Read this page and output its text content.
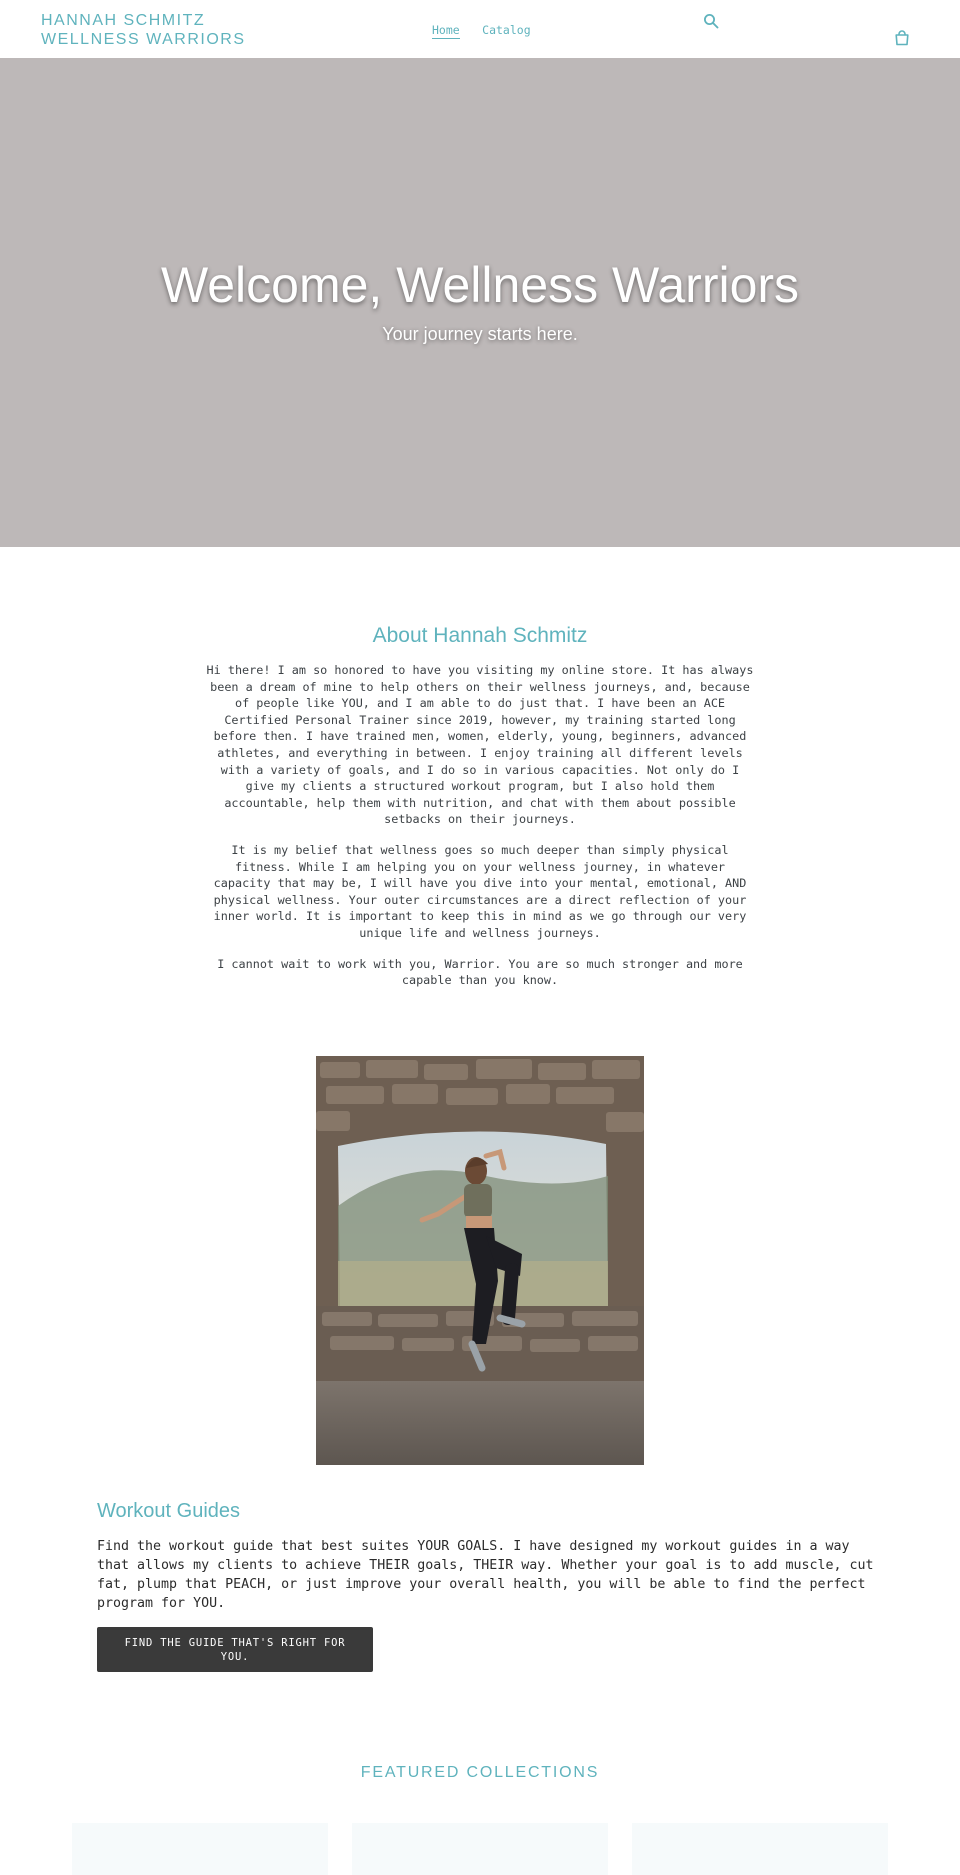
HANNAH SCHMITZ
WELLNESS WARRIORS
Home Catalog
Welcome, Wellness Warriors
Your journey starts here.
About Hannah Schmitz

Hi there! I am so honored to have you visiting my online store. It has always been a dream of mine to help others on their wellness journeys, and, because of people like YOU, and I am able to do just that. I have been an ACE Certified Personal Trainer since 2019, however, my training started long before then. I have trained men, women, elderly, young, beginners, advanced athletes, and everything in between. I enjoy training all different levels with a variety of goals, and I do so in various capacities. Not only do I give my clients a structured workout program, but I also hold them accountable, help them with nutrition, and chat with them about possible setbacks on their journeys.

It is my belief that wellness goes so much deeper than simply physical fitness. While I am helping you on your wellness journey, in whatever capacity that may be, I will have you dive into your mental, emotional, AND physical wellness. Your outer circumstances are a direct reflection of your inner world. It is important to keep this in mind as we go through our very unique life and wellness journeys.

I cannot wait to work with you, Warrior. You are so much stronger and more capable than you know.

Workout Guides

Find the workout guide that best suites YOUR GOALS. I have designed my workout guides in a way that allows my clients to achieve THEIR goals, THEIR way. Whether your goal is to add muscle, cut fat, plump that PEACH, or just improve your overall health, you will be able to find the perfect program for YOU.

FIND THE GUIDE THAT'S RIGHT FOR YOU.
FEATURED COLLECTIONS
